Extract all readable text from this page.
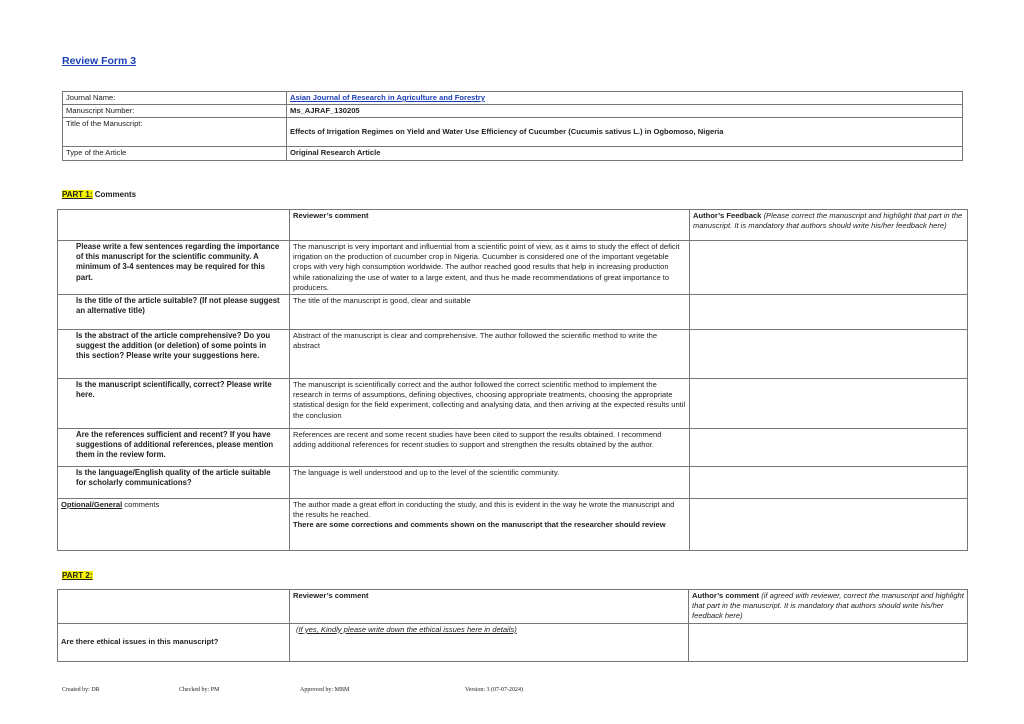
Review Form 3
Journal Name:	Asian Journal of Research in Agriculture and Forestry
Manuscript Number:	Ms_AJRAF_130205
Title of the Manuscript:	Effects of Irrigation Regimes on Yield and Water Use Efficiency of Cucumber (Cucumis sativus L.) in Ogbomoso, Nigeria
Type of the Article	Original Research Article
PART 1: Comments
	Reviewer’s comment	Author’s Feedback (Please correct the manuscript and highlight that part in the manuscript. It is mandatory that authors should write his/her feedback here)
Please write a few sentences regarding the importance of this manuscript for the scientific community. A minimum of 3-4 sentences may be required for this part.	The manuscript is very important and influential from a scientific point of view, as it aims to study the effect of deficit irrigation on the production of cucumber crop in Nigeria. Cucumber is considered one of the important vegetable crops with very high consumption worldwide. The author reached good results that help in increasing production while rationalizing the use of water to a large extent, and thus he made recommendations of great importance to producers.	
Is the title of the article suitable? (If not please suggest an alternative title)	The title of the manuscript is good, clear and suitable	
Is the abstract of the article comprehensive? Do you suggest the addition (or deletion) of some points in this section? Please write your suggestions here.	Abstract of the manuscript is clear and comprehensive. The author followed the scientific method to write the abstract	
Is the manuscript scientifically, correct? Please write here.	The manuscript is scientifically correct and the author followed the correct scientific method to implement the research in terms of assumptions, defining objectives, choosing appropriate treatments, choosing the appropriate statistical design for the field experiment, collecting and analysing data, and then arriving at the expected results until the conclusion	
Are the references sufficient and recent? If you have suggestions of additional references, please mention them in the review form.	References are recent and some recent studies have been cited to support the results obtained. I recommend adding additional references for recent studies to support and strengthen the results obtained by the author.	
Is the language/English quality of the article suitable for scholarly communications?	The language is well understood and up to the level of the scientific community.	
Optional/General comments	The author made a great effort in conducting the study, and this is evident in the way he wrote the manuscript and the results he reached.
There are some corrections and comments shown on the manuscript that the researcher should review	
PART 2:
	Reviewer’s comment	Author’s comment (if agreed with reviewer, correct the manuscript and highlight that part in the manuscript. It is mandatory that authors should write his/her feedback here)
Are there ethical issues in this manuscript?	(If yes, Kindly please write down the ethical issues here in details)	
Created by: DR	Checked by: PM	Approved by: MBM	Version: 3 (07-07-2024)
